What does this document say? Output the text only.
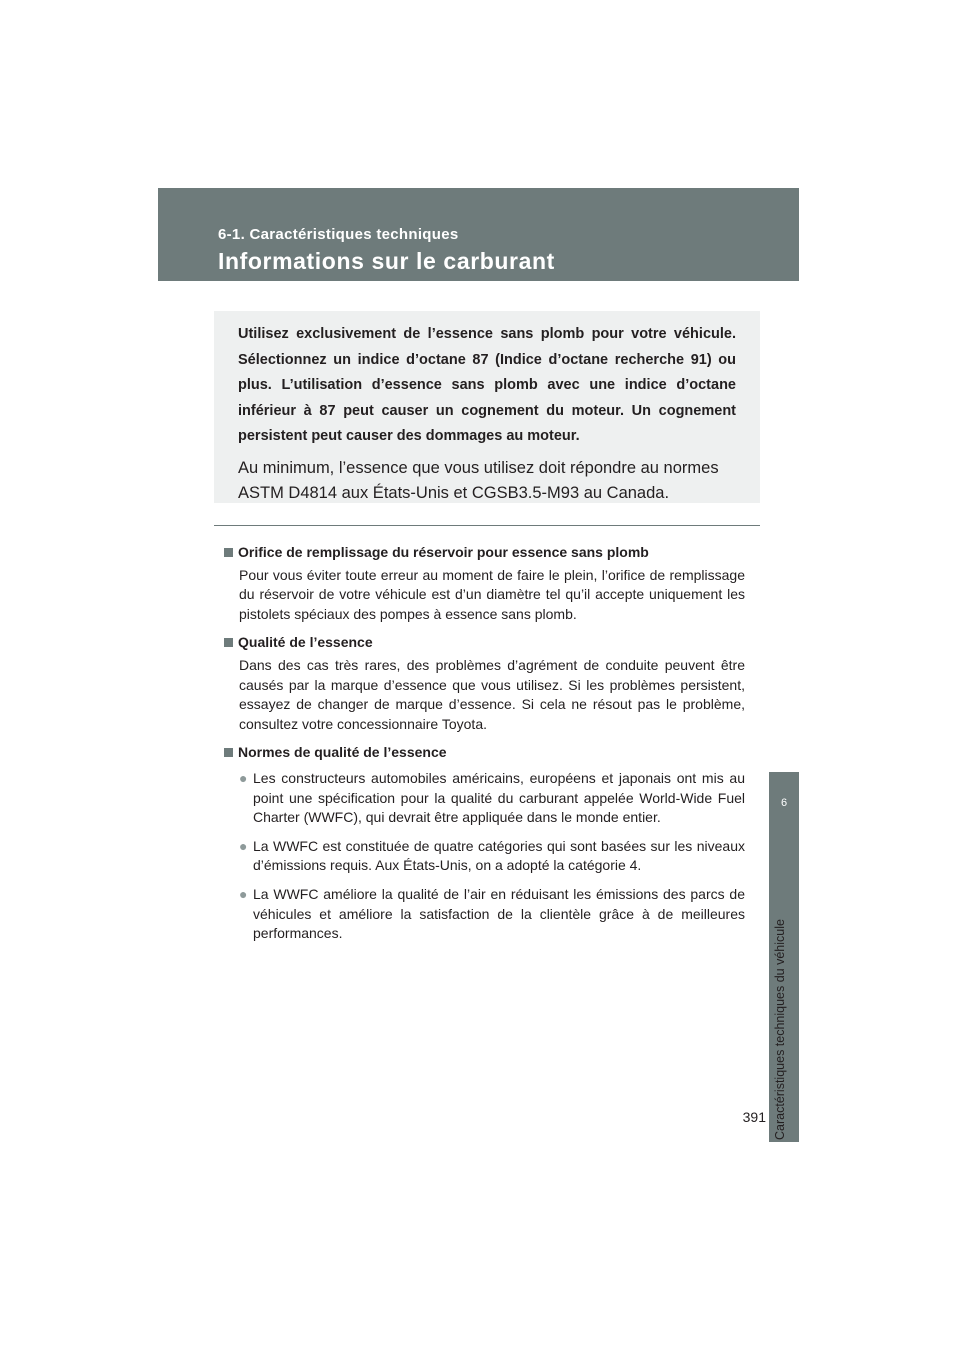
6-1. Caractéristiques techniques
Informations sur le carburant
6
Caractéristiques techniques du véhicule
391

Utilisez exclusivement de l’essence sans plomb pour votre véhicule. Sélectionnez un indice d’octane 87 (Indice d’octane recherche 91) ou plus. L’utilisation d’essence sans plomb avec une indice d’octane inférieur à 87 peut causer un cognement du moteur. Un cognement persistent peut causer des dommages au moteur.

Au minimum, l’essence que vous utilisez doit répondre au normes ASTM D4814 aux États-Unis et CGSB3.5-M93 au Canada.

Orifice de remplissage du réservoir pour essence sans plomb

Pour vous éviter toute erreur au moment de faire le plein, l’orifice de remplissage du réservoir de votre véhicule est d’un diamètre tel qu’il accepte uniquement les pistolets spéciaux des pompes à essence sans plomb.

Qualité de l’essence

Dans des cas très rares, des problèmes d’agrément de conduite peuvent être causés par la marque d’essence que vous utilisez. Si les problèmes persistent, essayez de changer de marque d’essence. Si cela ne résout pas le problème, consultez votre concessionnaire Toyota.

Normes de qualité de l’essence

● Les constructeurs automobiles américains, européens et japonais ont mis au point une spécification pour la qualité du carburant appelée World-Wide Fuel Charter (WWFC), qui devrait être appliquée dans le monde entier.
● La WWFC est constituée de quatre catégories qui sont basées sur les niveaux d’émissions requis. Aux États-Unis, on a adopté la catégorie 4.
● La WWFC améliore la qualité de l’air en réduisant les émissions des parcs de véhicules et améliore la satisfaction de la clientèle grâce à de meilleures performances.
